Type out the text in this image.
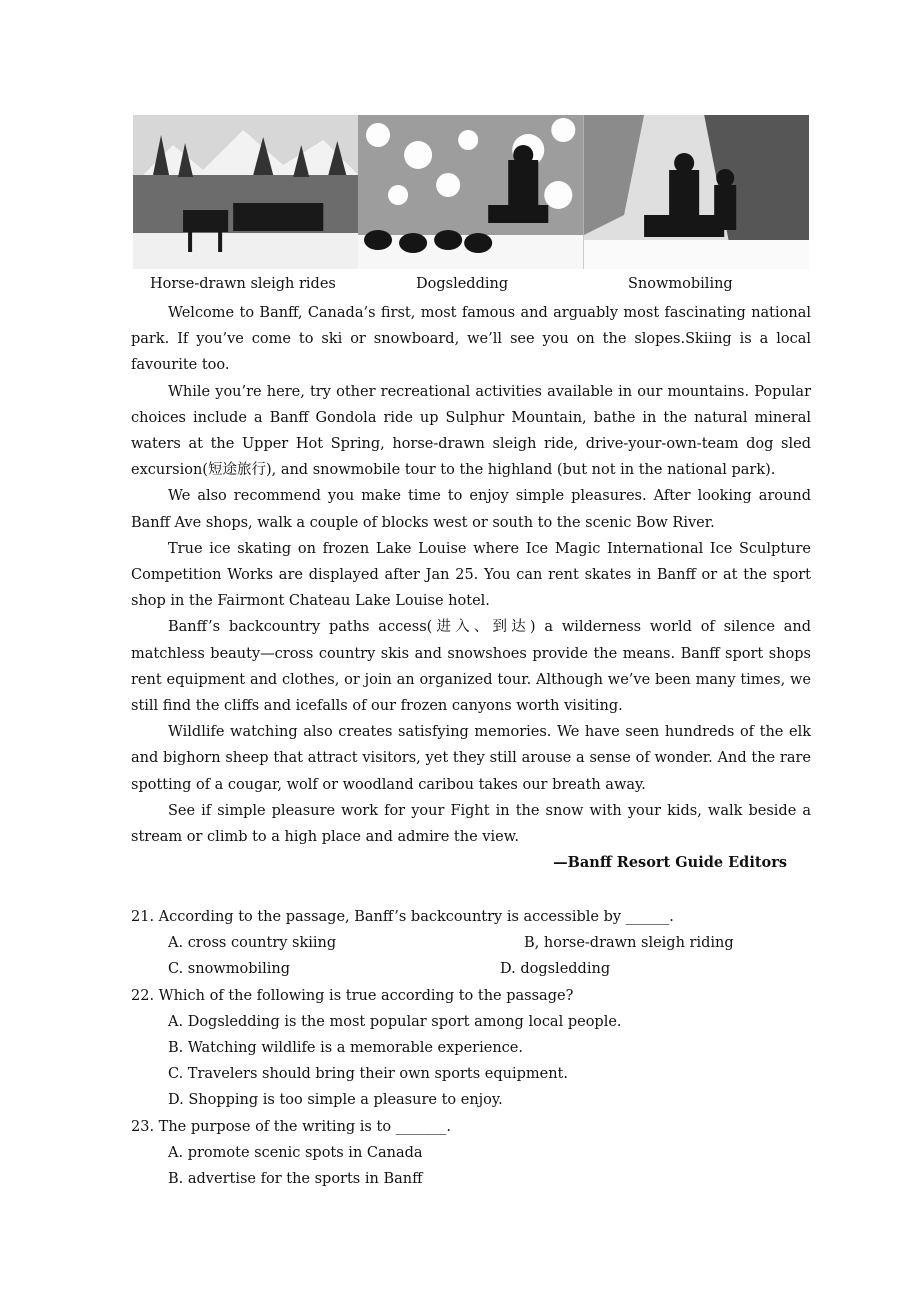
Horse-drawn sleigh rides	Dogsledding	Snowmobiling

Welcome to Banff, Canada’s first, most famous and arguably most fascinating national park. If you’ve come to ski or snowboard, we’ll see you on the slopes.Skiing is a local favourite too.

While you’re here, try other recreational activities available in our mountains. Popular choices include a Banff Gondola ride up Sulphur Mountain, bathe in the natural mineral waters at the Upper Hot Spring, horse-drawn sleigh ride, drive-your-own-team dog sled excursion(短途旅行), and snowmobile tour to the highland (but not in the national park).

We also recommend you make time to enjoy simple pleasures. After looking around Banff Ave shops, walk a couple of blocks west or south to the scenic Bow River.

True ice skating on frozen Lake Louise where Ice Magic International Ice Sculpture Competition Works are displayed after Jan 25. You can rent skates in Banff or at the sport shop in the Fairmont Chateau Lake Louise hotel.

Banff’s backcountry paths access(进入、到达) a wilderness world of silence and matchless beauty—cross country skis and snowshoes provide the means. Banff sport shops rent equipment and clothes, or join an organized tour. Although we’ve been many times, we still find the cliffs and icefalls of our frozen canyons worth visiting.

Wildlife watching also creates satisfying memories. We have seen hundreds of the elk and bighorn sheep that attract visitors, yet they still arouse a sense of wonder. And the rare spotting of a cougar, wolf or woodland caribou takes our breath away.

See if simple pleasure work for your Fight in the snow with your kids, walk beside a stream or climb to a high place and admire the view.

—Banff Resort Guide Editors

21. According to the passage, Banff’s backcountry is accessible by ______.

A. cross country skiing	B, horse-drawn sleigh riding
C. snowmobiling	D. dogsledding

22. Which of the following is true according to the passage?

A. Dogsledding is the most popular sport among local people.

B. Watching wildlife is a memorable experience.

C. Travelers should bring their own sports equipment.

D. Shopping is too simple a pleasure to enjoy.

23. The purpose of the writing is to _______.

A. promote scenic spots in Canada

B. advertise for the sports in Banff
